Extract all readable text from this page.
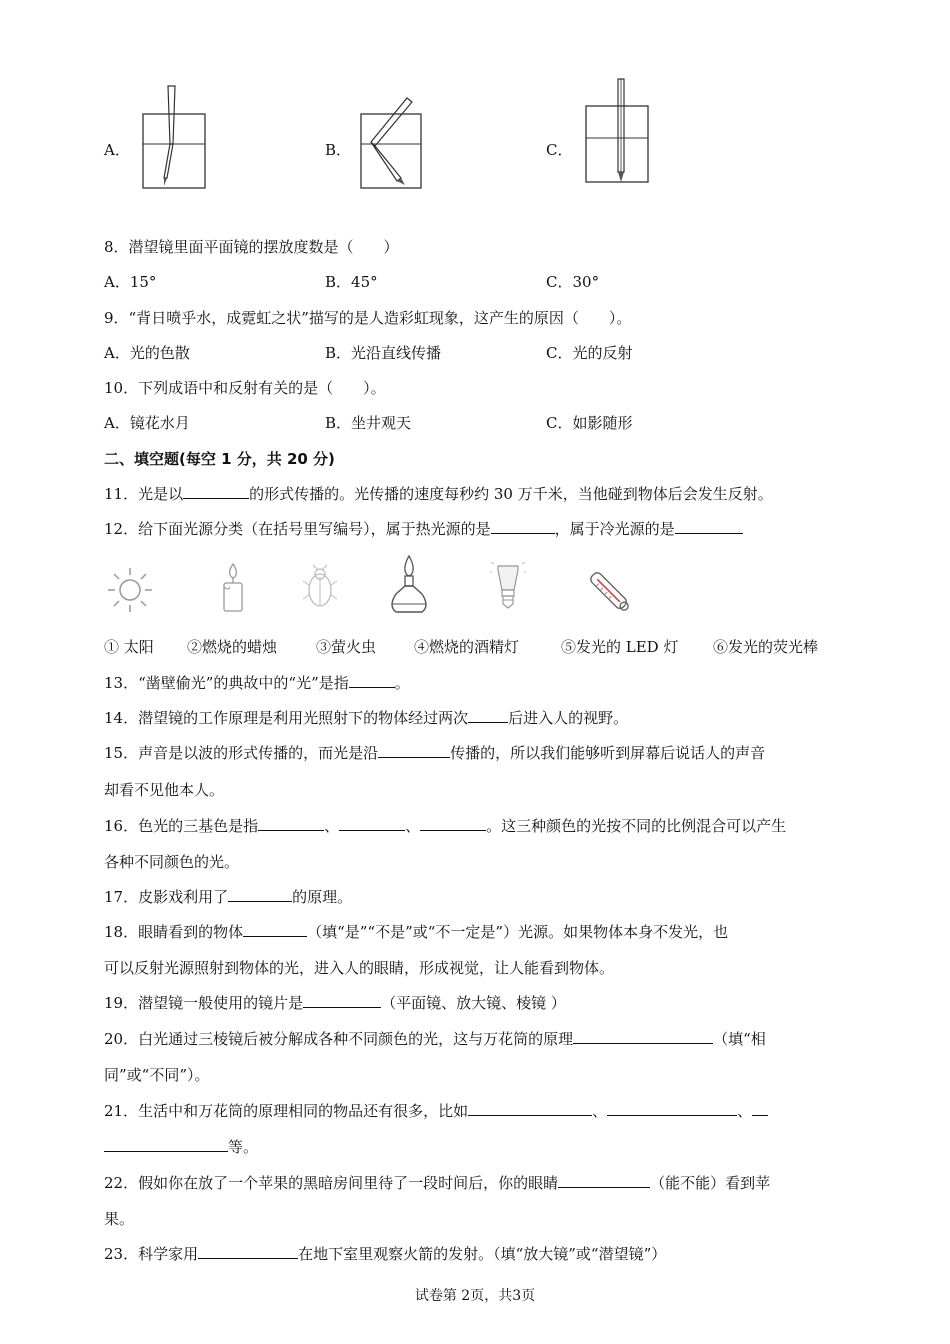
A．	B．	C．
8．潜望镜里面平面镜的摆放度数是（　　）
A．15°	B．45°	C．30°
9．“背日喷乎水，成霓虹之状”描写的是人造彩虹现象，这产生的原因（　　）。
A．光的色散	B．光沿直线传播	C．光的反射
10．下列成语中和反射有关的是（　　）。
A．镜花水月	B．坐井观天	C．如影随形
二、填空题(每空 1 分，共 20 分)
11．光是以	的形式传播的。光传播的速度每秒约 30 万千米，当他碰到物体后会发生反射。
12．给下面光源分类（在括号里写编号），属于热光源的是	，属于冷光源的是
① 太阳 ②燃烧的蜡烛	③萤火虫	④燃烧的酒精灯	⑤发光的 LED 灯 ⑥发光的荧光棒
13．“凿壁偷光”的典故中的“光”是指	。
14．潜望镜的工作原理是利用光照射下的物体经过两次	后进入人的视野。
15．声音是以波的形式传播的，而光是沿	传播的，所以我们能够听到屏幕后说话人的声音
却看不见他本人。
16．色光的三基色是指	、	、	。这三种颜色的光按不同的比例混合可以产生
各种不同颜色的光。
17．皮影戏利用了	的原理。
18．眼睛看到的物体	（填“是”“不是”或“不一定是”）光源。如果物体本身不发光，也
可以反射光源照射到物体的光，进入人的眼睛，形成视觉，让人能看到物体。
19．潜望镜一般使用的镜片是	（平面镜、放大镜、棱镜 ）
20．白光通过三棱镜后被分解成各种不同颜色的光，这与万花筒的原理	（填“相
同”或“不同”）。
21．生活中和万花筒的原理相同的物品还有很多，比如	、	、
等。
22．假如你在放了一个苹果的黑暗房间里待了一段时间后，你的眼睛	（能不能）看到苹
果。
23．科学家用	在地下室里观察火箭的发射。（填“放大镜”或“潜望镜”）
试卷第 2页，共3页
